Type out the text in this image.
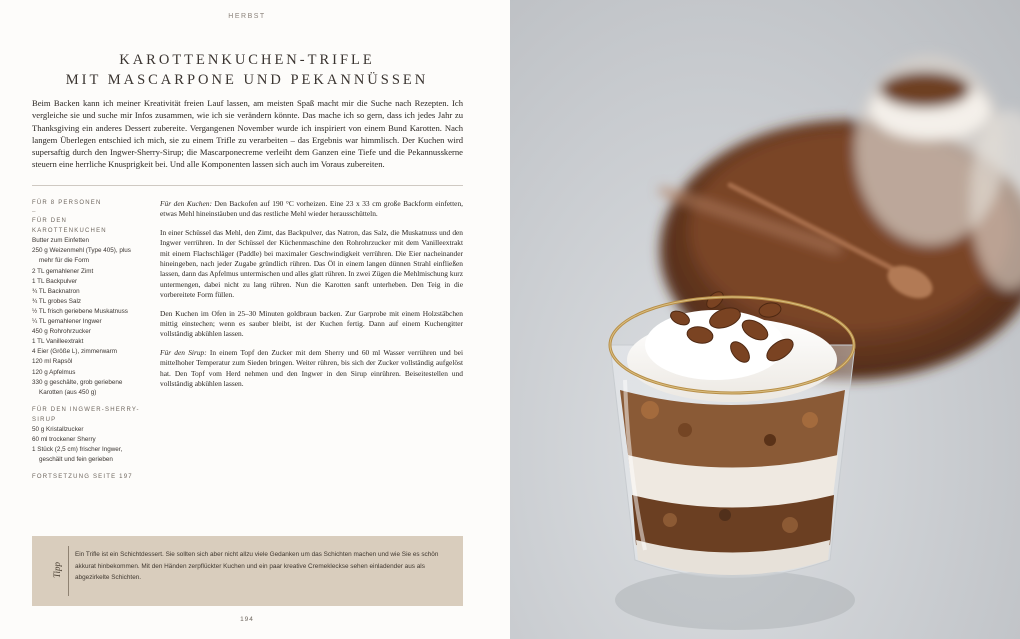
HERBST
KAROTTENKUCHEN-TRIFLE
MIT MASCARPONE UND PEKANNÜSSEN

Beim Backen kann ich meiner Kreativität freien Lauf lassen, am meisten Spaß macht mir die Suche nach Rezepten. Ich vergleiche sie und suche mir Infos zusammen, wie ich sie verändern könnte. Das mache ich so gern, dass ich jedes Jahr zu Thanksgiving ein anderes Dessert zubereite. Vergangenen November wurde ich inspiriert von einem Bund Karotten. Nach langem Überlegen entschied ich mich, sie zu einem Trifle zu verarbeiten – das Ergebnis war himmlisch. Der Kuchen wird supersaftig durch den Ingwer-Sherry-Sirup; die Mascarponecreme verleiht dem Ganzen eine Tiefe und die Pekannusskerne steuern eine herrliche Knusprigkeit bei. Und alle Komponenten lassen sich auch im Voraus zubereiten.

FÜR 8 PERSONEN
–
FÜR DEN KAROTTENKUCHEN
Butter zum Einfetten
250 g Weizenmehl (Type 405), plus mehr für die Form
2 TL gemahlener Zimt
1 TL Backpulver
¾ TL Backnatron
¾ TL grobes Salz
½ TL frisch geriebene Muskatnuss
¼ TL gemahlener Ingwer
450 g Rohrohrzucker
1 TL Vanilleextrakt
4 Eier (Größe L), zimmerwarm
120 ml Rapsöl
120 g Apfelmus
330 g geschälte, grob geriebene Karotten (aus 450 g)
FÜR DEN INGWER-SHERRY-SIRUP
50 g Kristallzucker
60 ml trockener Sherry
1 Stück (2,5 cm) frischer Ingwer, geschält und fein gerieben
FORTSETZUNG SEITE 197

Für den Kuchen: Den Backofen auf 190 °C vorheizen. Eine 23 x 33 cm große Backform einfetten, etwas Mehl hineinstäuben und das restliche Mehl wieder herausschütteln.

In einer Schüssel das Mehl, den Zimt, das Backpulver, das Natron, das Salz, die Muskatnuss und den Ingwer verrühren. In der Schüssel der Küchenmaschine den Rohrohrzucker mit dem Vanilleextrakt mit einem Flachschläger (Paddle) bei maximaler Geschwindigkeit verrühren. Die Eier nacheinander hineingeben, nach jeder Zugabe gründlich rühren. Das Öl in einem langen dünnen Strahl einfließen lassen, dann das Apfelmus untermischen und alles glatt rühren. In zwei Zügen die Mehlmischung kurz untermengen, dabei nicht zu lang rühren. Nun die Karotten sanft unterheben. Den Teig in die vorbereitete Form füllen.

Den Kuchen im Ofen in 25–30 Minuten goldbraun backen. Zur Garprobe mit einem Holzstäbchen mittig einstechen; wenn es sauber bleibt, ist der Kuchen fertig. Dann auf einem Kuchengitter vollständig abkühlen lassen.

Für den Sirup: In einem Topf den Zucker mit dem Sherry und 60 ml Wasser verrühren und bei mittelhoher Temperatur zum Sieden bringen. Weiter rühren, bis sich der Zucker vollständig aufgelöst hat. Den Topf vom Herd nehmen und den Ingwer in den Sirup einrühren. Beiseitestellen und vollständig abkühlen lassen.

Tipp

Ein Trifle ist ein Schichtdessert. Sie sollten sich aber nicht allzu viele Gedanken um das Schichten machen und wie Sie es schön akkurat hinbekommen. Mit den Händen zerpflückter Kuchen und ein paar kreative Cremekleckse sehen einladender aus als abgezirkelte Schichten.

194
